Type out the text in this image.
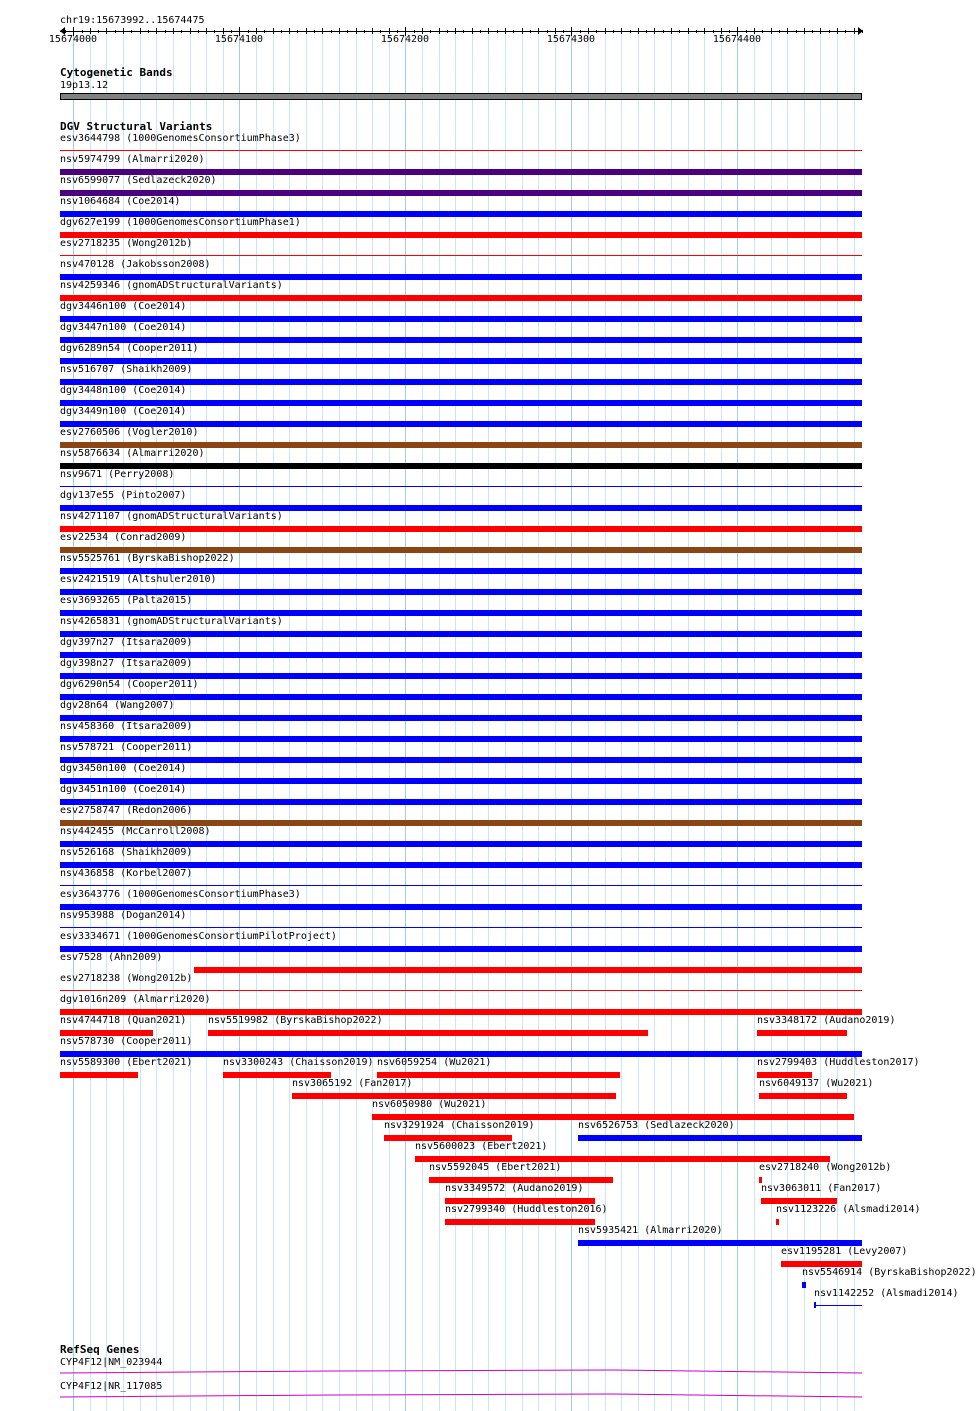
chr19:15673992..15674475
15674000	15674100	15674200	15674300	15674400
Cytogenetic Bands
19p13.12
DGV Structural Variants
esv3644798 (1000GenomesConsortiumPhase3)
nsv5974799 (Almarri2020)
nsv6599077 (Sedlazeck2020)
nsv1064684 (Coe2014)
dgv627e199 (1000GenomesConsortiumPhase1)
esv2718235 (Wong2012b)
nsv470128 (Jakobsson2008)
nsv4259346 (gnomADStructuralVariants)
dgv3446n100 (Coe2014)
dgv3447n100 (Coe2014)
dgv6289n54 (Cooper2011)
nsv516707 (Shaikh2009)
dgv3448n100 (Coe2014)
dgv3449n100 (Coe2014)
esv2760506 (Vogler2010)
nsv5876634 (Almarri2020)
nsv9671 (Perry2008)
dgv137e55 (Pinto2007)
nsv4271107 (gnomADStructuralVariants)
esv22534 (Conrad2009)
nsv5525761 (ByrskaBishop2022)
esv2421519 (Altshuler2010)
esv3693265 (Palta2015)
nsv4265831 (gnomADStructuralVariants)
dgv397n27 (Itsara2009)
dgv398n27 (Itsara2009)
dgv6290n54 (Cooper2011)
dgv28n64 (Wang2007)
nsv458360 (Itsara2009)
nsv578721 (Cooper2011)
dgv3450n100 (Coe2014)
dgv3451n100 (Coe2014)
esv2758747 (Redon2006)
nsv442455 (McCarroll2008)
nsv526168 (Shaikh2009)
nsv436858 (Korbel2007)
esv3643776 (1000GenomesConsortiumPhase3)
nsv953988 (Dogan2014)
esv3334671 (1000GenomesConsortiumPilotProject)
esv7528 (Ahn2009)
esv2718238 (Wong2012b)
dgv1016n209 (Almarri2020)
nsv4744718 (Quan2021) nsv5519982 (ByrskaBishop2022)	nsv3348172 (Audano2019)
nsv578730 (Cooper2011)
nsv5589300 (Ebert2021)	nsv3300243 (Chaisson2019) nsv6059254 (Wu2021)	nsv2799403 (Huddleston2017)
nsv3065192 (Fan2017)	nsv6049137 (Wu2021)
nsv6050980 (Wu2021)
nsv3291924 (Chaisson2019)	nsv6526753 (Sedlazeck2020)
nsv5600023 (Ebert2021)
nsv5592045 (Ebert2021)	esv2718240 (Wong2012b)
nsv3349572 (Audano2019)	nsv3063011 (Fan2017)
nsv2799340 (Huddleston2016)	nsv1123226 (Alsmadi2014)
nsv5935421 (Almarri2020)
esv1195281 (Levy2007)
nsv5546914 (ByrskaBishop2022)
nsv1142252 (Alsmadi2014)
RefSeq Genes
CYP4F12|NM_023944
CYP4F12|NR_117085
